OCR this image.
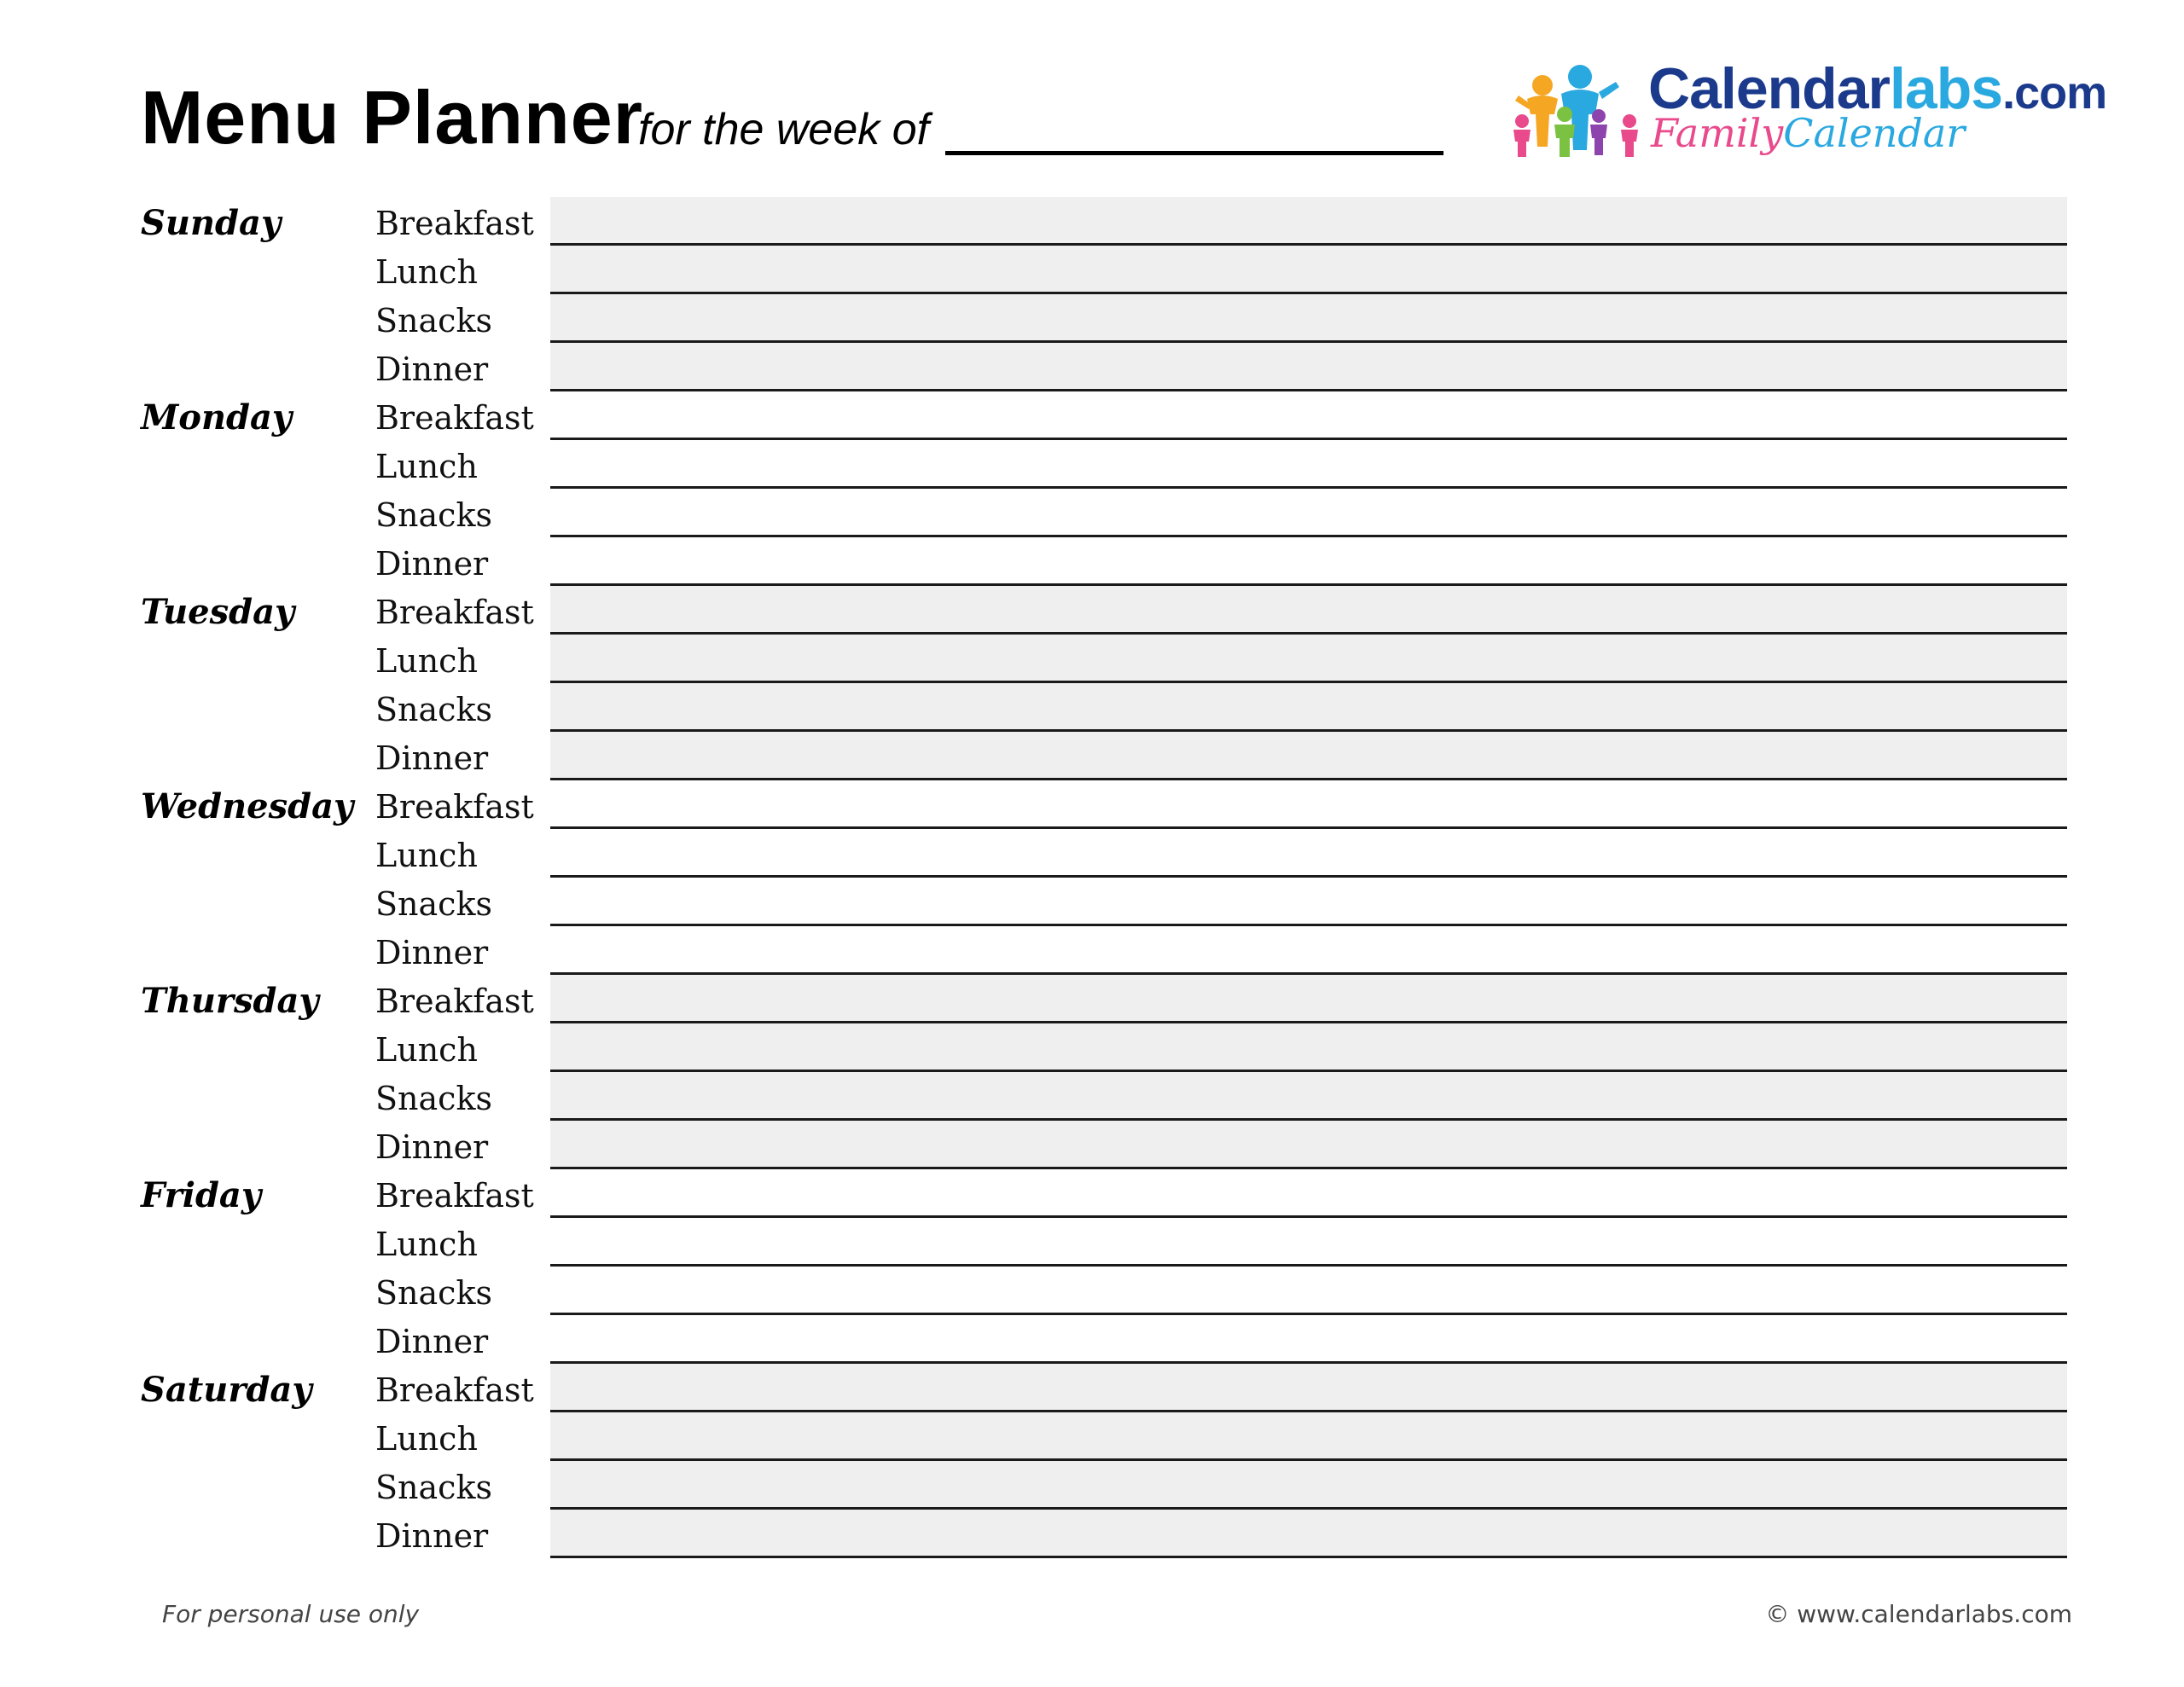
Menu Planner
for the week of
Calendarlabs.com
FamilyCalendar
Sunday	Breakfast
Lunch
Snacks
Dinner
Monday	Breakfast
Lunch
Snacks
Dinner
Tuesday Breakfast
Lunch
Snacks
Dinner
Wednesday Breakfast
Lunch
Snacks
Dinner
Thursday Breakfast
Lunch
Snacks
Dinner
Friday	Breakfast
Lunch
Snacks
Dinner
Saturday Breakfast
Lunch
Snacks
Dinner
For personal use only	© www.calendarlabs.com
